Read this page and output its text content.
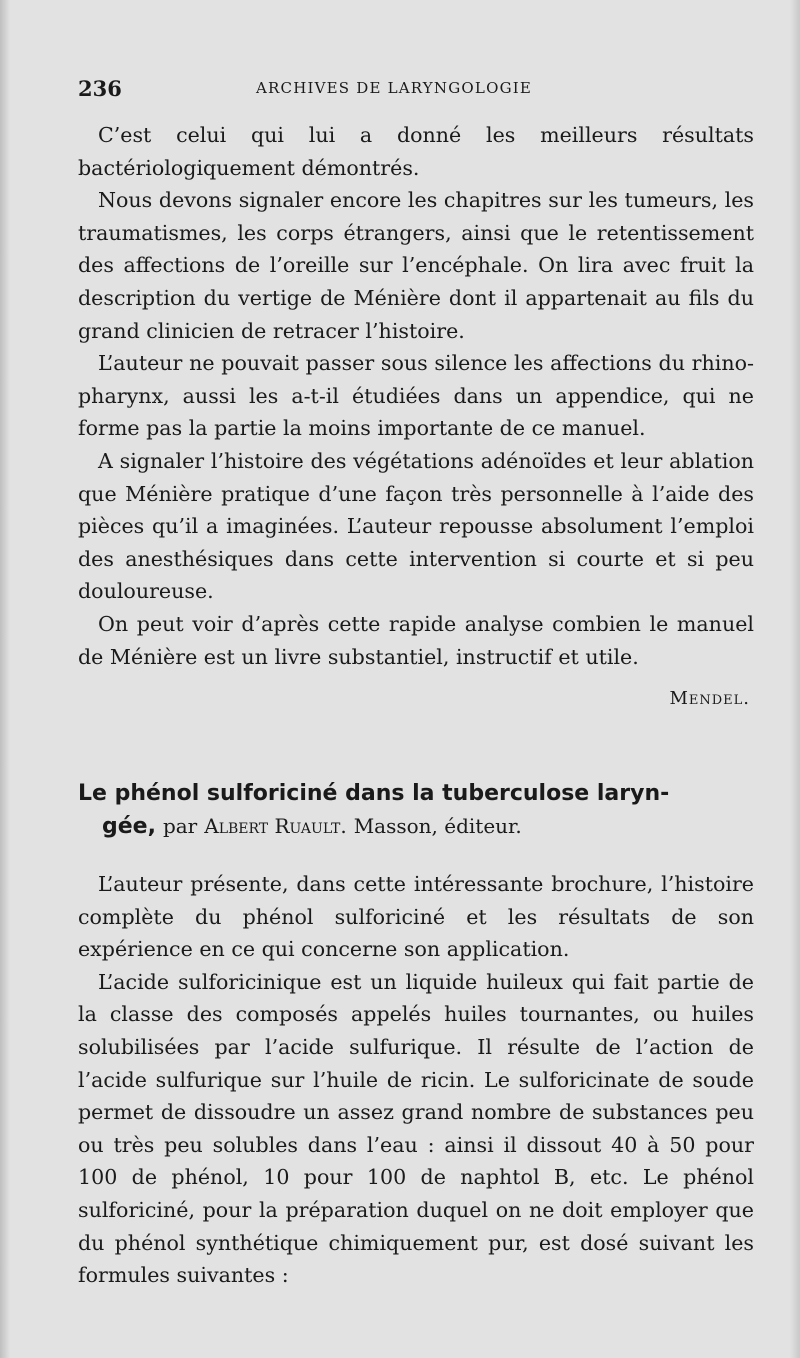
236	ARCHIVES DE LARYNGOLOGIE

C’est celui qui lui a donné les meilleurs résultats bactériologiquement démontrés.

Nous devons signaler encore les chapitres sur les tumeurs, les traumatismes, les corps étrangers, ainsi que le retentissement des affections de l’oreille sur l’encéphale. On lira avec fruit la description du vertige de Ménière dont il appartenait au fils du grand clinicien de retracer l’histoire.

L’auteur ne pouvait passer sous silence les affections du rhino-pharynx, aussi les a-t-il étudiées dans un appendice, qui ne forme pas la partie la moins importante de ce manuel.

A signaler l’histoire des végétations adénoïdes et leur ablation que Ménière pratique d’une façon très personnelle à l’aide des pièces qu’il a imaginées. L’auteur repousse absolument l’emploi des anesthésiques dans cette intervention si courte et si peu douloureuse.

On peut voir d’après cette rapide analyse combien le manuel de Ménière est un livre substantiel, instructif et utile.

Mendel.
Le phénol sulforiciné dans la tuberculose laryn-
gée, par Albert Ruault. Masson, éditeur.

L’auteur présente, dans cette intéressante brochure, l’histoire complète du phénol sulforiciné et les résultats de son expérience en ce qui concerne son application.

L’acide sulforicinique est un liquide huileux qui fait partie de la classe des composés appelés huiles tournantes, ou huiles solubilisées par l’acide sulfurique. Il résulte de l’action de l’acide sulfurique sur l’huile de ricin. Le sulforicinate de soude permet de dissoudre un assez grand nombre de substances peu ou très peu solubles dans l’eau : ainsi il dissout 40 à 50 pour 100 de phénol, 10 pour 100 de naphtol B, etc. Le phénol sulforiciné, pour la préparation duquel on ne doit employer que du phénol synthétique chimiquement pur, est dosé suivant les formules suivantes :
